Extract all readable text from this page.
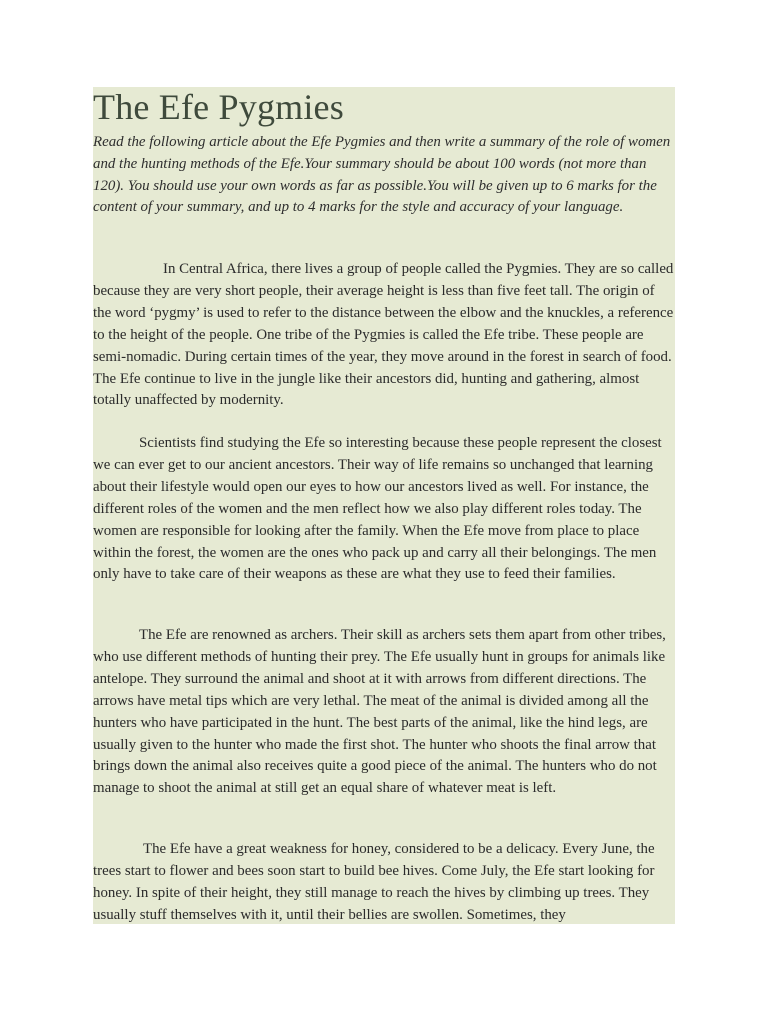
The Efe Pygmies

Read the following article about the Efe Pygmies and then write a summary of the role of women and the hunting methods of the Efe.Your summary should be about 100 words (not more than 120). You should use your own words as far as possible.You will be given up to 6 marks for the content of your summary, and up to 4 marks for the style and accuracy of your language.

In Central Africa, there lives a group of people called the Pygmies. They are so called because they are very short people, their average height is less than five feet tall. The origin of the word ‘pygmy’ is used to refer to the distance between the elbow and the knuckles, a reference to the height of the people. One tribe of the Pygmies is called the Efe tribe. These people are semi-nomadic. During certain times of the year, they move around in the forest in search of food. The Efe continue to live in the jungle like their ancestors did, hunting and gathering, almost totally unaffected by modernity.

Scientists find studying the Efe so interesting because these people represent the closest we can ever get to our ancient ancestors. Their way of life remains so unchanged that learning about their lifestyle would open our eyes to how our ancestors lived as well. For instance, the different roles of the women and the men reflect how we also play different roles today. The women are responsible for looking after the family. When the Efe move from place to place within the forest, the women are the ones who pack up and carry all their belongings. The men only have to take care of their weapons as these are what they use to feed their families.

The Efe are renowned as archers. Their skill as archers sets them apart from other tribes, who use different methods of hunting their prey. The Efe usually hunt in groups for animals like antelope. They surround the animal and shoot at it with arrows from different directions. The arrows have metal tips which are very lethal. The meat of the animal is divided among all the hunters who have participated in the hunt. The best parts of the animal, like the hind legs, are usually given to the hunter who made the first shot. The hunter who shoots the final arrow that brings down the animal also receives quite a good piece of the animal. The hunters who do not manage to shoot the animal at still get an equal share of whatever meat is left.

The Efe have a great weakness for honey, considered to be a delicacy. Every June, the trees start to flower and bees soon start to build bee hives. Come July, the Efe start looking for honey. In spite of their height, they still manage to reach the hives by climbing up trees. They usually stuff themselves with it, until their bellies are swollen. Sometimes, they
